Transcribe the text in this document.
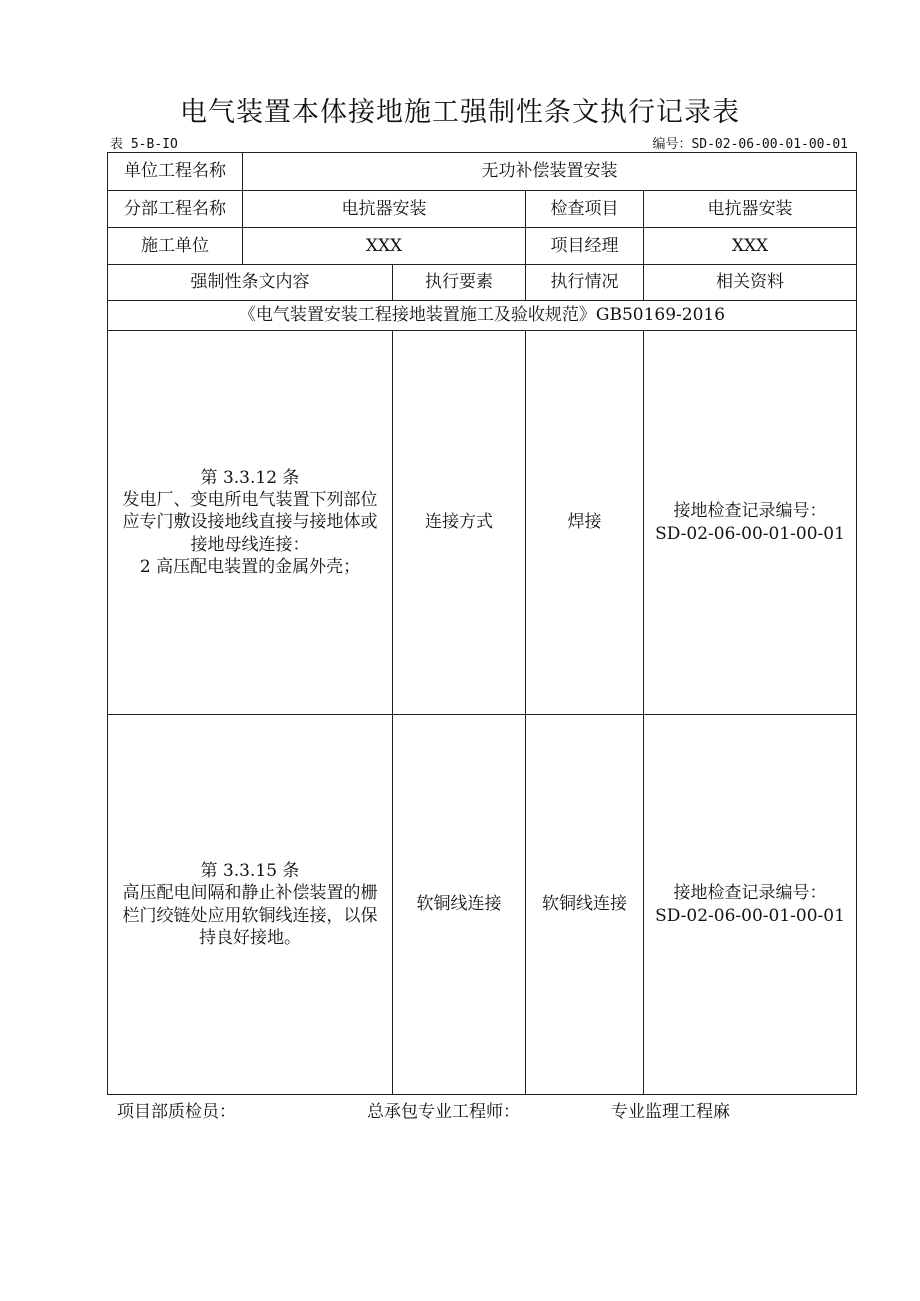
电气装置本体接地施工强制性条文执行记录表
表 5-B-IO	编号：SD-02-06-00-01-00-01
单位工程名称	无功补偿装置安装			
分部工程名称	电抗器安装		检查项目	电抗器安装
施工单位	XXX		项目经理	XXX
强制性条文内容		执行要素	执行情况	相关资料
《电气装置安装工程接地装置施工及验收规范》GB50169-2016				

第 3.3.12 条
发电厂、变电所电气装置下列部位
应专门敷设接地线直接与接地体或
接地母线连接：
2 高压配电装置的金属外壳；		连接方式	焊接	接地检查记录编号：
SD-02-06-00-01-00-01

第 3.3.15 条
高压配电间隔和静止补偿装置的栅
栏门绞链处应用软铜线连接，以保
持良好接地。		软铜线连接	软铜线连接	接地检查记录编号：
SD-02-06-00-01-00-01
项目部质检员：	总承包专业工程师：	专业监理工程麻
